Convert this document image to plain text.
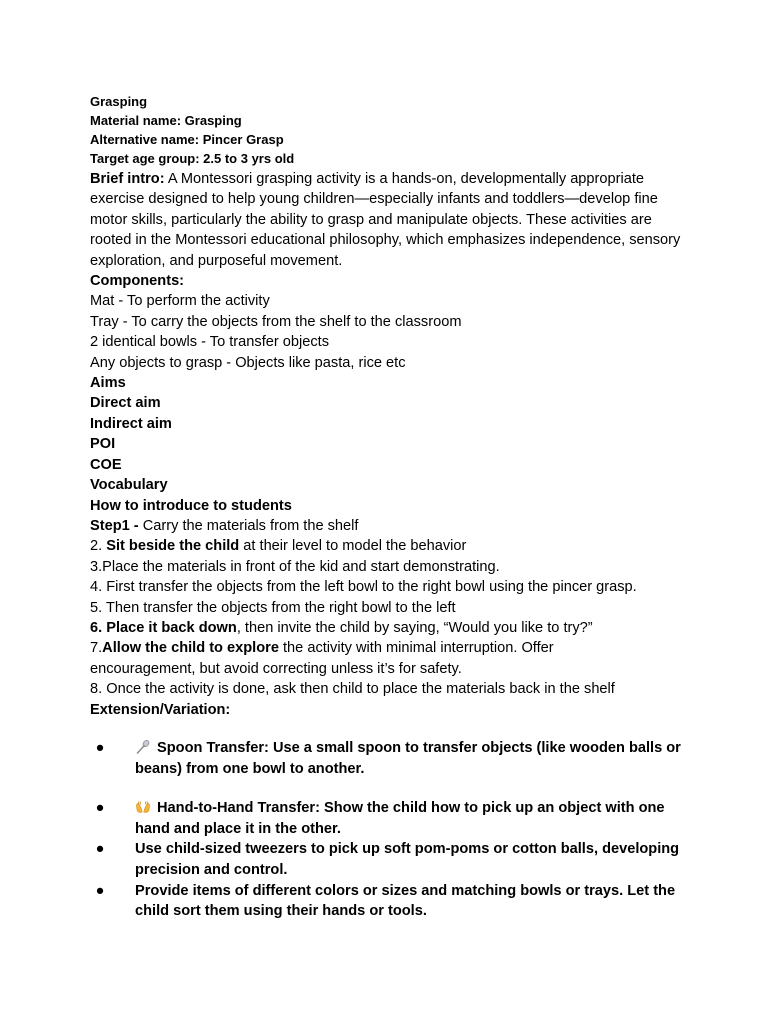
Grasping
Material name: Grasping
Alternative name: Pincer Grasp
Target age group: 2.5 to 3 yrs old
Brief intro: A Montessori grasping activity is a hands-on, developmentally appropriate exercise designed to help young children—especially infants and toddlers—develop fine motor skills, particularly the ability to grasp and manipulate objects. These activities are rooted in the Montessori educational philosophy, which emphasizes independence, sensory exploration, and purposeful movement.
Components:
Mat - To perform the activity
Tray - To carry the objects from the shelf to the classroom
2 identical bowls - To transfer objects
Any objects to grasp - Objects like pasta, rice etc
Aims
Direct aim
Indirect aim
POI
COE
Vocabulary
How to introduce to students
Step1 - Carry the materials from the shelf
2. Sit beside the child at their level to model the behavior
3.Place the materials in front of the kid and start demonstrating.
4. First transfer the objects from the left bowl to the right bowl using the pincer grasp.
5. Then transfer the objects from the right bowl to the left
6. Place it back down, then invite the child by saying, “Would you like to try?”
7.Allow the child to explore the activity with minimal interruption. Offer encouragement, but avoid correcting unless it’s for safety.
8. Once the activity is done, ask then child to place the materials back in the shelf
Extension/Variation:
●	Spoon Transfer: Use a small spoon to transfer objects (like wooden balls or beans) from one bowl to another.
●	Hand-to-Hand Transfer: Show the child how to pick up an object with one hand and place it in the other.
●	Use child-sized tweezers to pick up soft pom-poms or cotton balls, developing precision and control.
●	Provide items of different colors or sizes and matching bowls or trays. Let the child sort them using their hands or tools.
